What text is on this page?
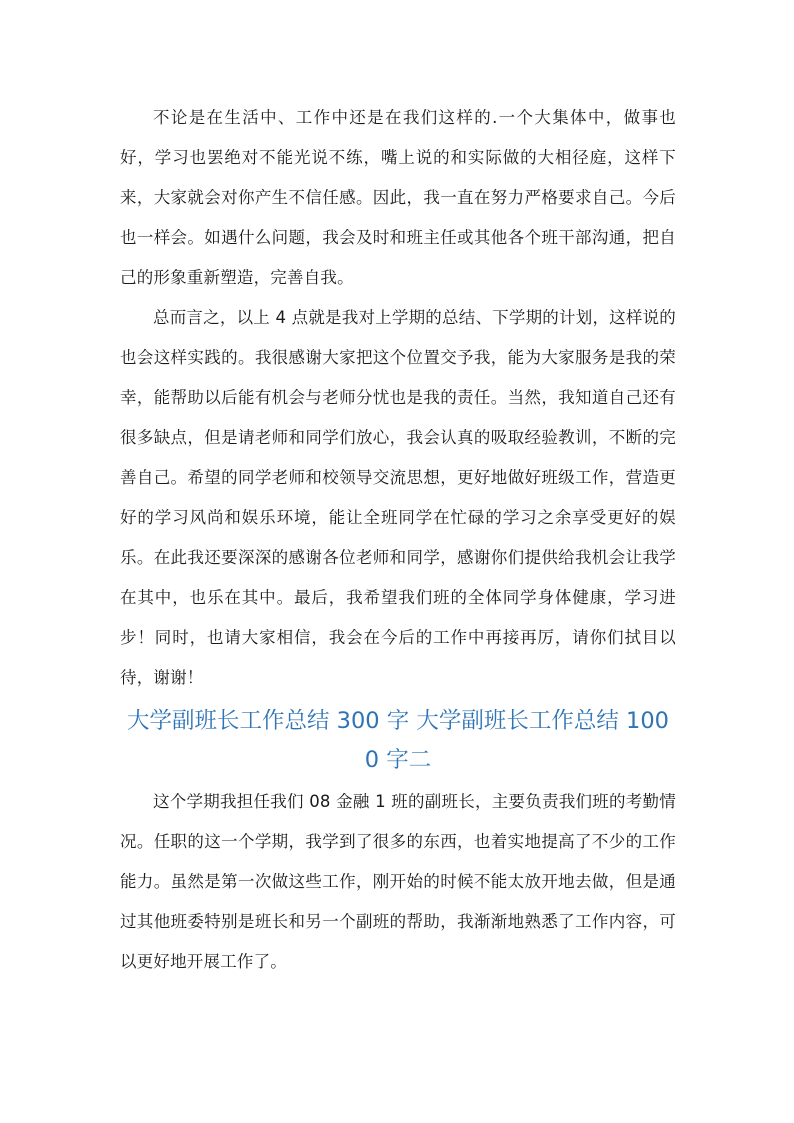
不论是在生活中、工作中还是在我们这样的.一个大集体中，做事也好，学习也罢绝对不能光说不练，嘴上说的和实际做的大相径庭，这样下来，大家就会对你产生不信任感。因此，我一直在努力严格要求自己。今后也一样会。如遇什么问题，我会及时和班主任或其他各个班干部沟通，把自己的形象重新塑造，完善自我。

总而言之，以上 4 点就是我对上学期的总结、下学期的计划，这样说的也会这样实践的。我很感谢大家把这个位置交予我，能为大家服务是我的荣幸，能帮助以后能有机会与老师分忧也是我的责任。当然，我知道自己还有很多缺点，但是请老师和同学们放心，我会认真的吸取经验教训，不断的完善自己。希望的同学老师和校领导交流思想，更好地做好班级工作，营造更好的学习风尚和娱乐环境，能让全班同学在忙碌的学习之余享受更好的娱乐。在此我还要深深的感谢各位老师和同学，感谢你们提供给我机会让我学在其中，也乐在其中。最后，我希望我们班的全体同学身体健康，学习进步！同时，也请大家相信，我会在今后的工作中再接再厉，请你们拭目以待，谢谢！

大学副班长工作总结 300 字 大学副班长工作总结 1000 字二

这个学期我担任我们 08 金融 1 班的副班长，主要负责我们班的考勤情况。任职的这一个学期，我学到了很多的东西，也着实地提高了不少的工作能力。虽然是第一次做这些工作，刚开始的时候不能太放开地去做，但是通过其他班委特别是班长和另一个副班的帮助，我渐渐地熟悉了工作内容，可以更好地开展工作了。
